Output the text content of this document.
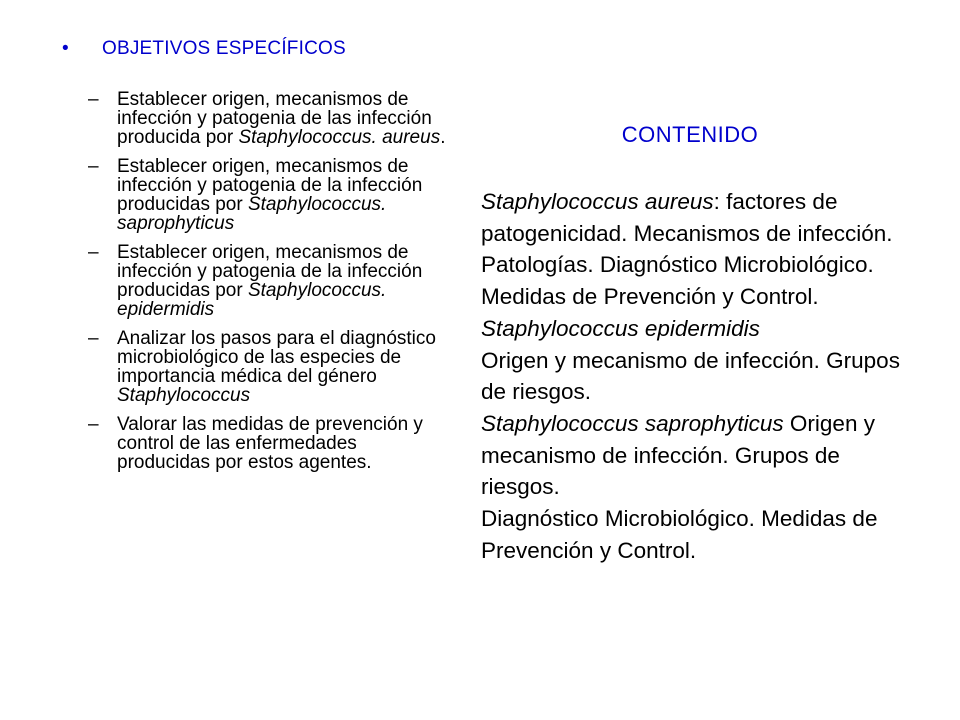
• OBJETIVOS ESPECÍFICOS
– Establecer origen, mecanismos de infección y patogenia de las infección producida por Staphylococcus. aureus.
– Establecer origen, mecanismos de infección y patogenia de la infección producidas por Staphylococcus. saprophyticus
– Establecer origen, mecanismos de infección y patogenia de la infección producidas por Staphylococcus. epidermidis
– Analizar los pasos para el diagnóstico microbiológico de las especies de importancia médica del género Staphylococcus
– Valorar las medidas de prevención y control de las enfermedades producidas por estos agentes.
CONTENIDO
Staphylococcus aureus: factores de patogenicidad. Mecanismos de infección. Patologías. Diagnóstico Microbiológico. Medidas de Prevención y Control.
Staphylococcus epidermidis
Origen y mecanismo de infección. Grupos de riesgos.
Staphylococcus saprophyticus Origen y mecanismo de infección. Grupos de riesgos.
Diagnóstico Microbiológico. Medidas de Prevención y Control.
